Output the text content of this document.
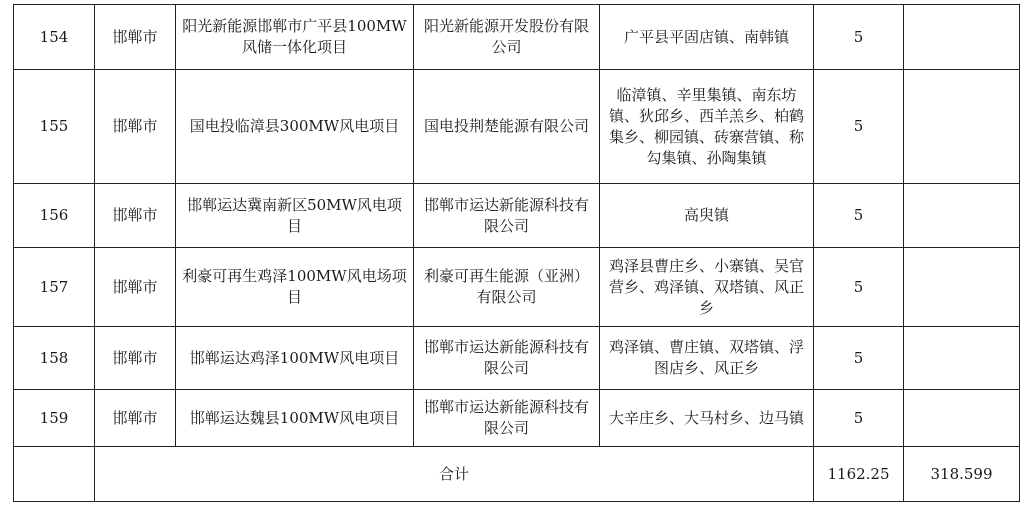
154	邯郸市	阳光新能源邯郸市广平县100MW风储一体化项目	阳光新能源开发股份有限公司	广平县平固店镇、南韩镇	5	
155	邯郸市	国电投临漳县300MW风电项目	国电投荆楚能源有限公司	临漳镇、辛里集镇、南东坊镇、狄邱乡、西羊羔乡、柏鹤集乡、柳园镇、砖寨营镇、称勾集镇、孙陶集镇	5	
156	邯郸市	邯郸运达冀南新区50MW风电项目	邯郸市运达新能源科技有限公司	高臾镇	5	
157	邯郸市	利豪可再生鸡泽100MW风电场项目	利豪可再生能源（亚洲）有限公司	鸡泽县曹庄乡、小寨镇、吴官营乡、鸡泽镇、双塔镇、风正乡	5	
158	邯郸市	邯郸运达鸡泽100MW风电项目	邯郸市运达新能源科技有限公司	鸡泽镇、曹庄镇、双塔镇、浮图店乡、风正乡	5	
159	邯郸市	邯郸运达魏县100MW风电项目	邯郸市运达新能源科技有限公司	大辛庄乡、大马村乡、边马镇	5	
	合计				1162.25	318.599
